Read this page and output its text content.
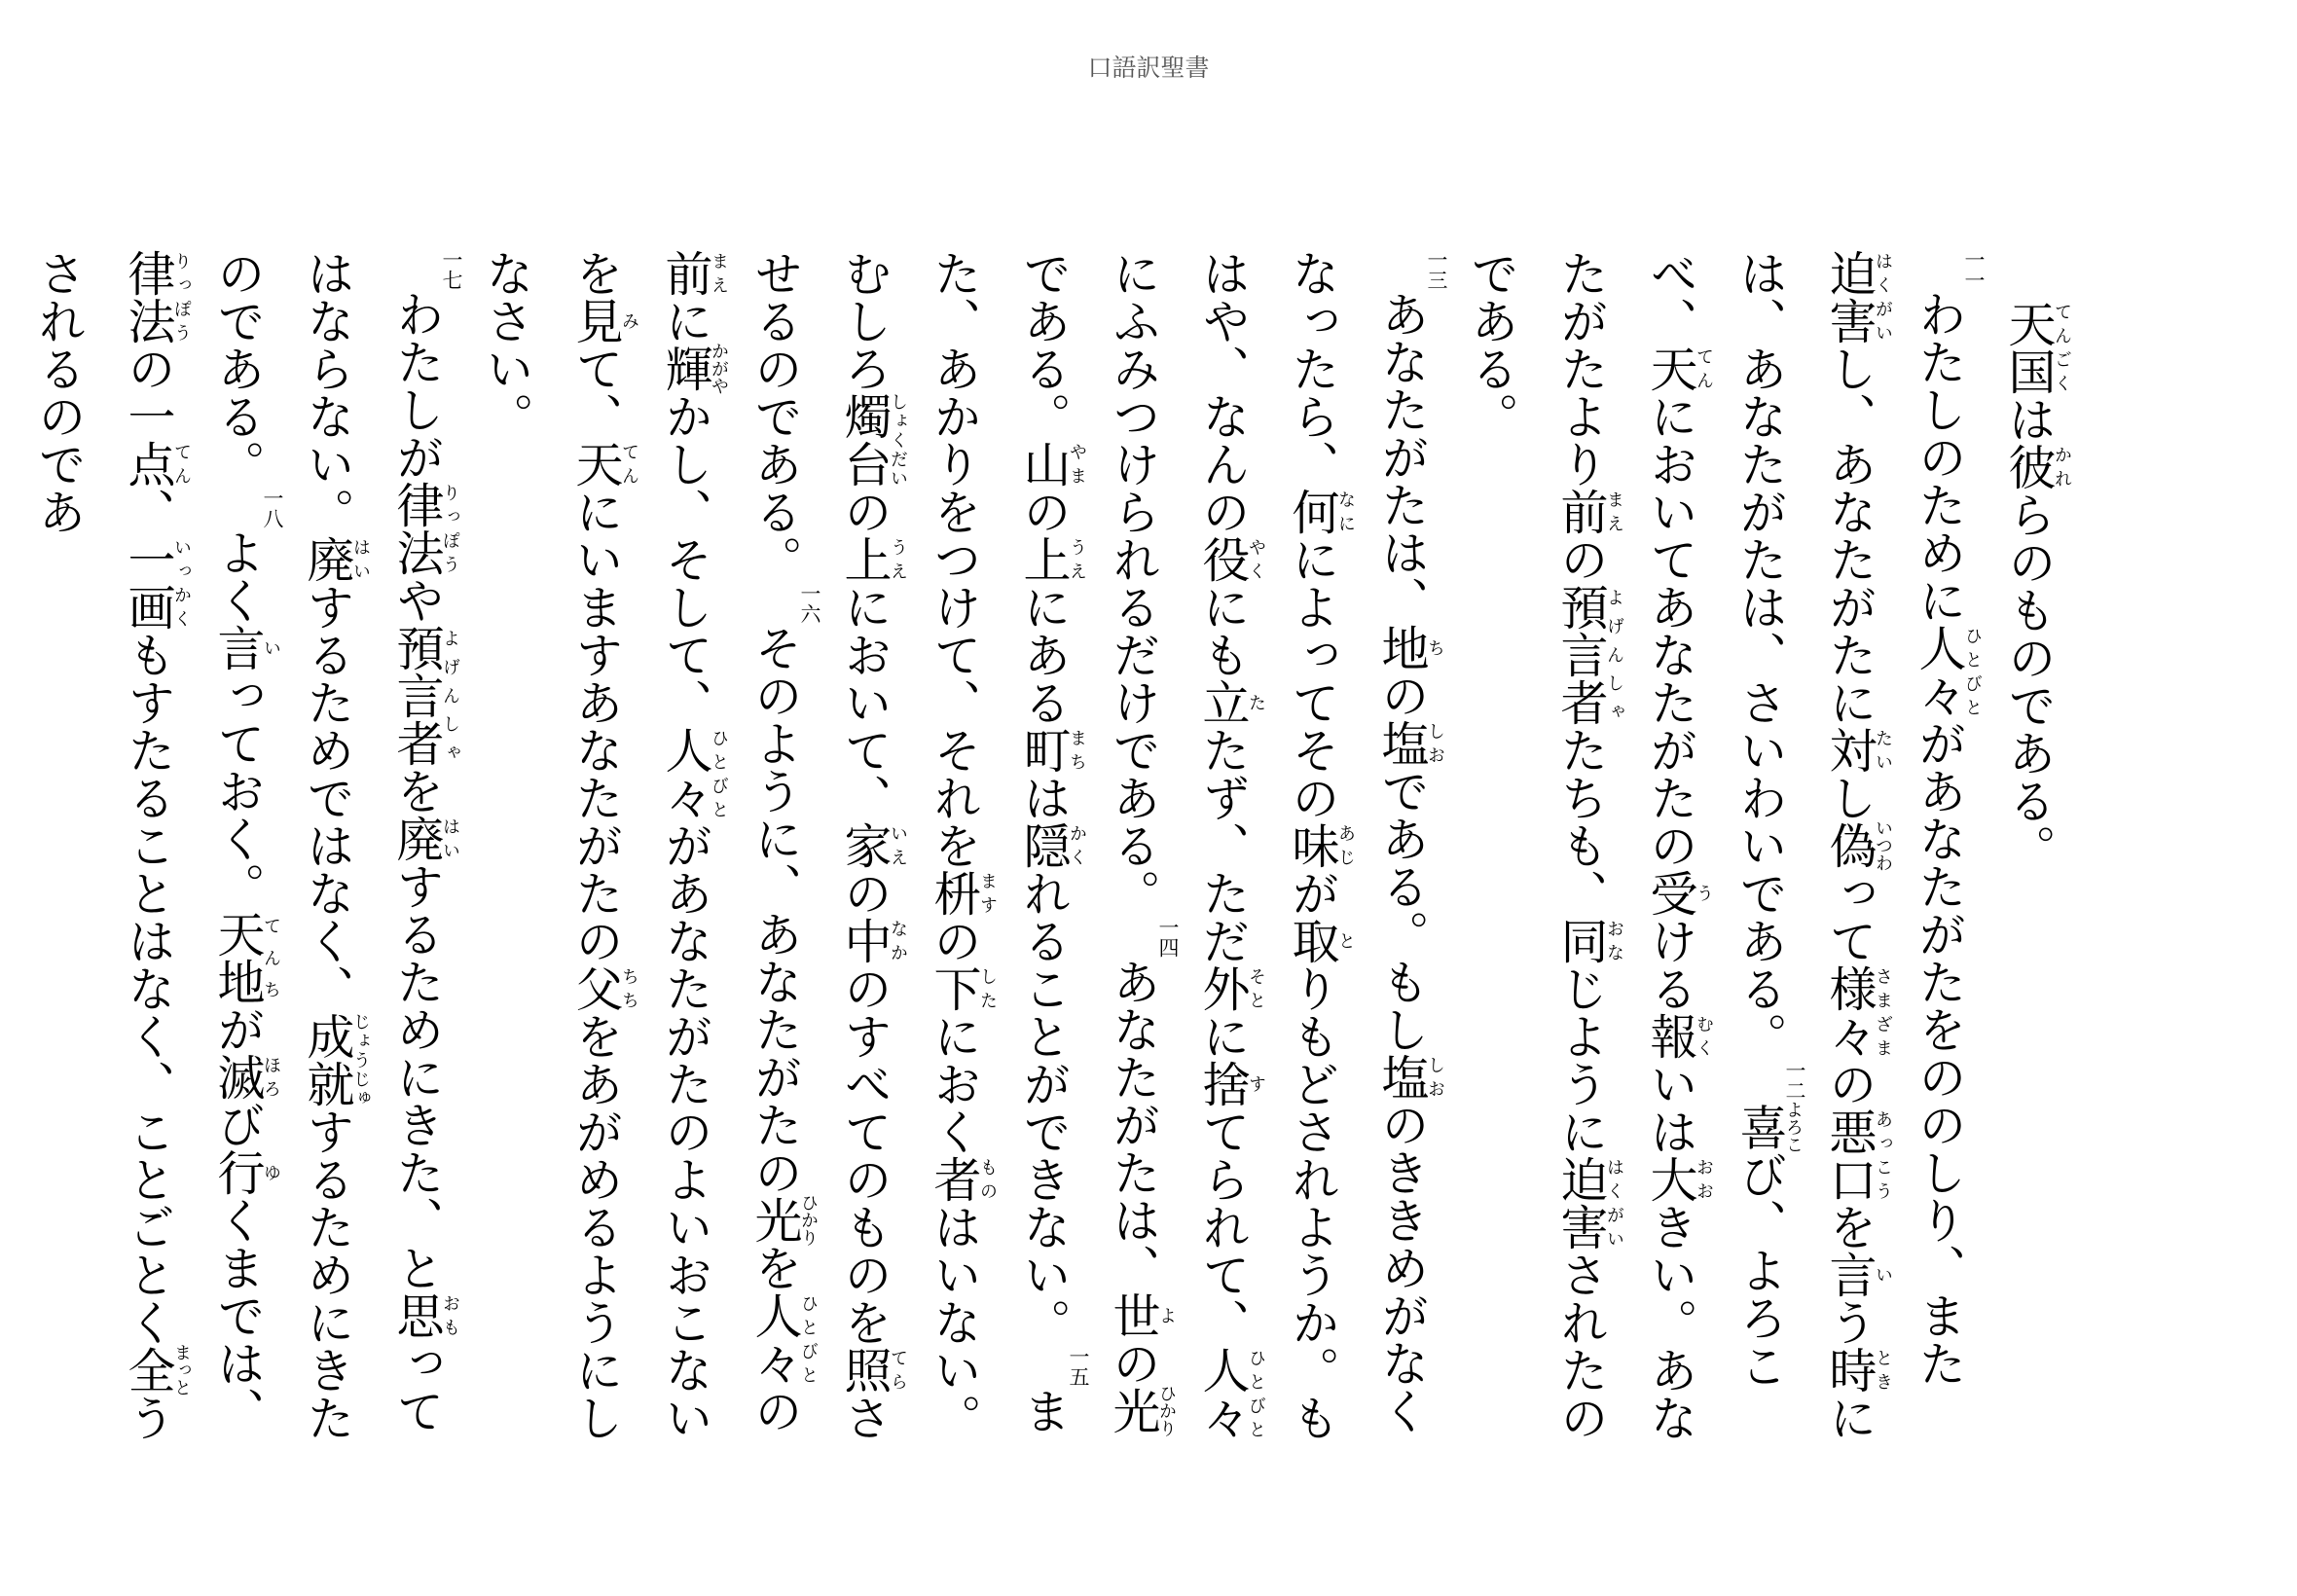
口語訳聖書

天国てんごくは彼かれらのものである。

一一わたしのために人々ひとびとがあなたがたをののしり、また迫害はくがいし、あなたがたに対たいし偽いつわって様々さまざまの悪口あっこうを言いう時ときには、あなたがたは、さいわいである。一二喜よろこび、よろこべ、天てんにおいてあなたがたの受うける報むくいは大おおきい。あなたがたより前まえの預言者よげんしゃたちも、同おなじように迫害はくがいされたのである。

一三あなたがたは、地ちの塩しおである。もし塩しおのききめがなくなったら、何なにによってその味あじが取とりもどされようか。もはや、なんの役やくにも立たたず、ただ外そとに捨すてられて、人々ひとびとにふみつけられるだけである。一四あなたがたは、世よの光ひかりである。山やまの上うえにある町まちは隠かくれることができない。一五また、あかりをつけて、それを枡ますの下したにおく者ものはいない。むしろ燭台しょくだいの上うえにおいて、家いえの中なかのすべてのものを照てらさせるのである。一六そのように、あなたがたの光ひかりを人々ひとびとの前まえに輝かがやかし、そして、人々ひとびとがあなたがたのよいおこないを見みて、天てんにいますあなたがたの父ちちをあがめるようにしなさい。

一七わたしが律法りっぽうや預言者よげんしゃを廃はいするためにきた、と思おもってはならない。廃はいするためではなく、成就じょうじゅするためにきたのである。一八よく言いっておく。天地てんちが滅ほろび行ゆくまでは、律法りっぽうの一点てん、一画いっかくもすたることはなく、ことごとく全まっとうされるのであ
